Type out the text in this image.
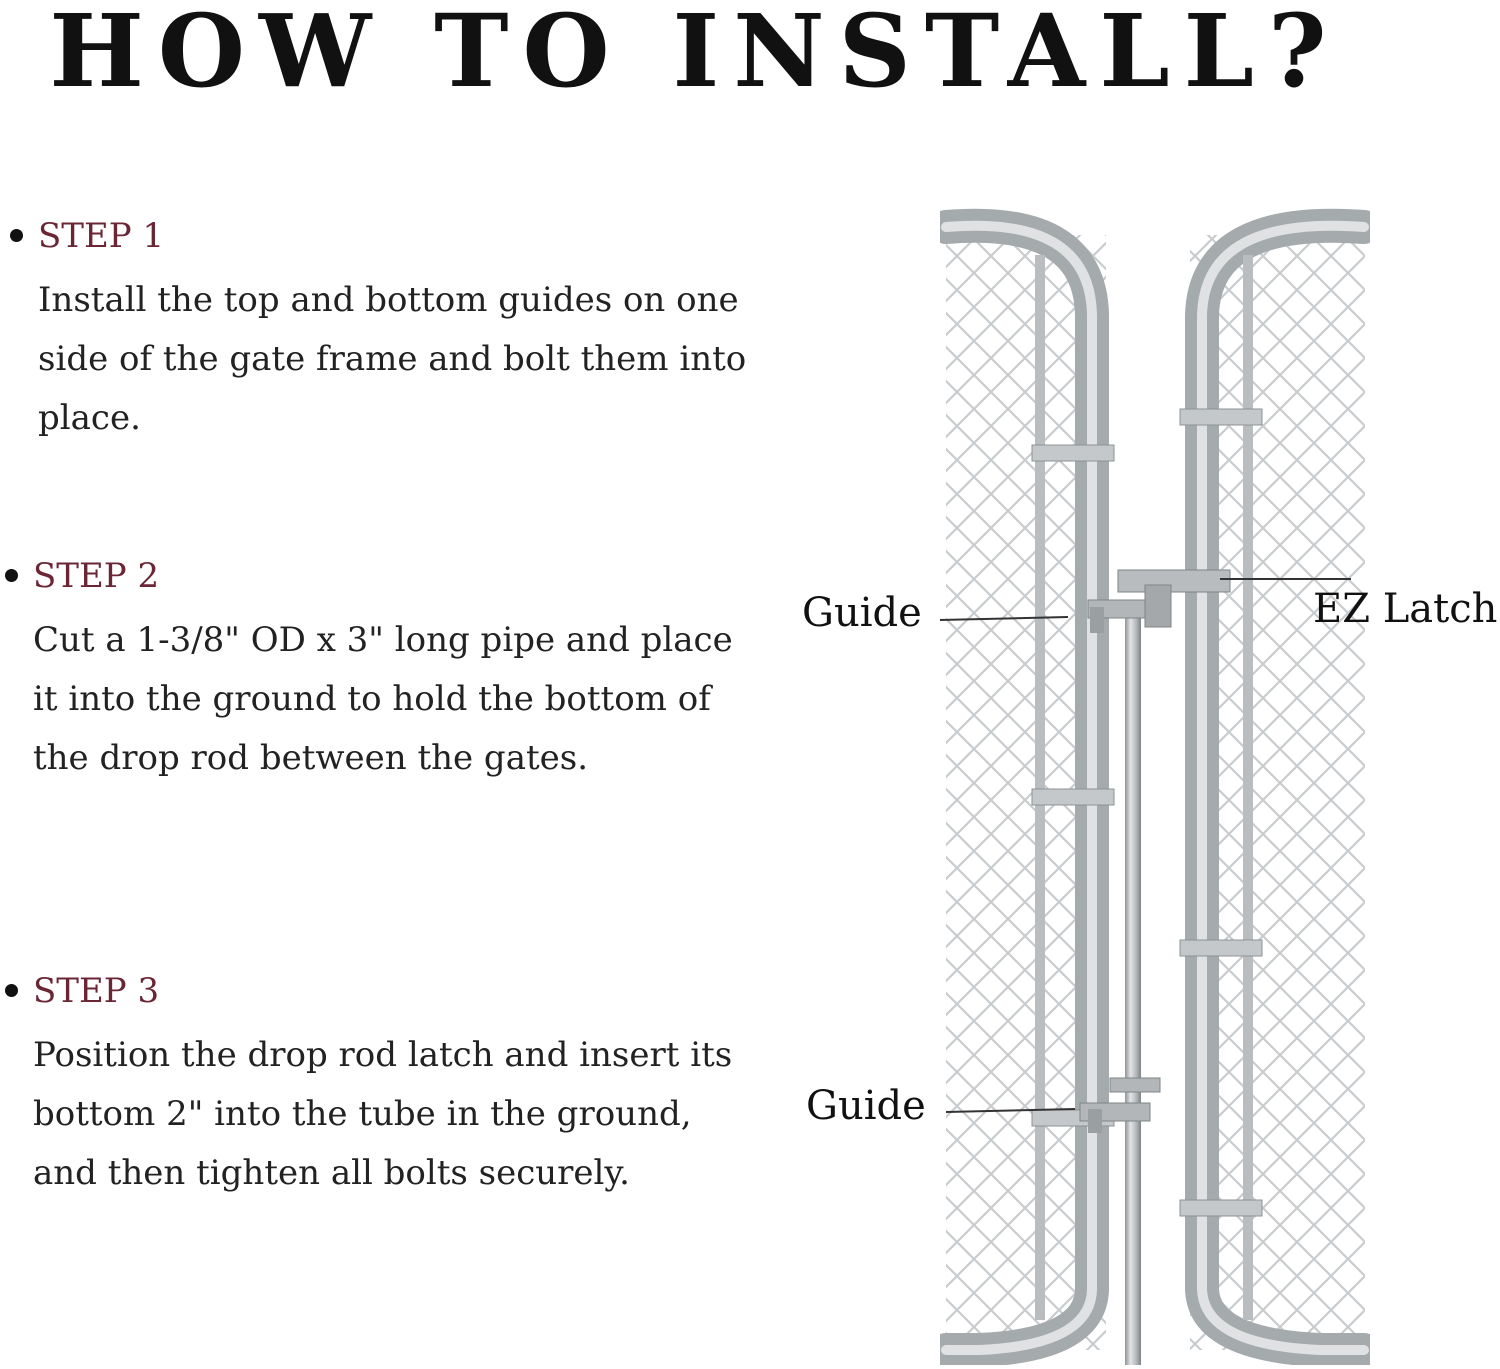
HOW TO INSTALL?
STEP 1
Install the top and bottom guides on one
side of the gate frame and bolt them into
place.
STEP 2
Cut a 1-3/8" OD x 3" long pipe and place
it into the ground to hold the bottom of
the drop rod between the gates.
STEP 3
Position the drop rod latch and insert its
bottom 2" into the tube in the ground,
and then tighten all bolts securely.
Guide	EZ Latch
Guide
